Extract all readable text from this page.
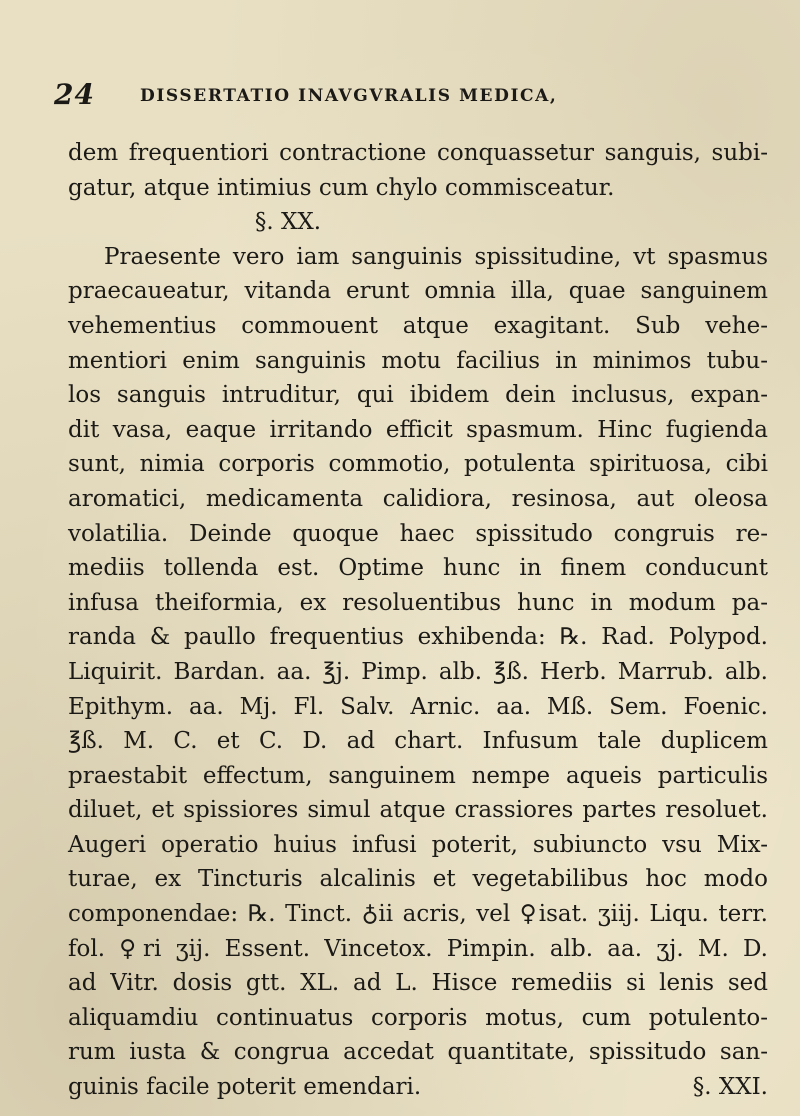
24	DISSERTATIO INAVGVRALIS MEDICA,
dem frequentiori contractione conquassetur sanguis, subi-
gatur, atque intimius cum chylo commisceatur.
§. XX.
Praesente vero iam sanguinis spissitudine, vt spasmus
praecaueatur, vitanda erunt omnia illa, quae sanguinem
vehementius commouent atque exagitant. Sub vehe-
mentiori enim sanguinis motu facilius in minimos tubu-
los sanguis intruditur, qui ibidem dein inclusus, expan-
dit vasa, eaque irritando efficit spasmum. Hinc fugienda
sunt, nimia corporis commotio, potulenta spirituosa, cibi
aromatici, medicamenta calidiora, resinosa, aut oleosa
volatilia. Deinde quoque haec spissitudo congruis re-
mediis tollenda est. Optime hunc in finem conducunt
infusa theiformia, ex resoluentibus hunc in modum pa-
randa & paullo frequentius exhibenda: ℞. Rad. Polypod.
Liquirit. Bardan. aa. ℥j. Pimp. alb. ℥ß. Herb. Marrub. alb.
Epithym. aa. Mj. Fl. Salv. Arnic. aa. Mß. Sem. Foenic.
℥ß. M. C. et C. D. ad chart. Infusum tale duplicem
praestabit effectum, sanguinem nempe aqueis particulis
diluet, et spissiores simul atque crassiores partes resoluet.
Augeri operatio huius infusi poterit, subiuncto vsu Mix-
turae, ex Tincturis alcalinis et vegetabilibus hoc modo
componendae: ℞. Tinct. ♁ii acris, vel ♀isat. ʒiij. Liqu. terr.
fol. ♀ri ʒij. Essent. Vincetox. Pimpin. alb. aa. ʒj. M. D.
ad Vitr. dosis gtt. XL. ad L. Hisce remediis si lenis sed
aliquamdiu continuatus corporis motus, cum potulento-
rum iusta & congrua accedat quantitate, spissitudo san-
guinis facile poterit emendari.	§. XXI.
